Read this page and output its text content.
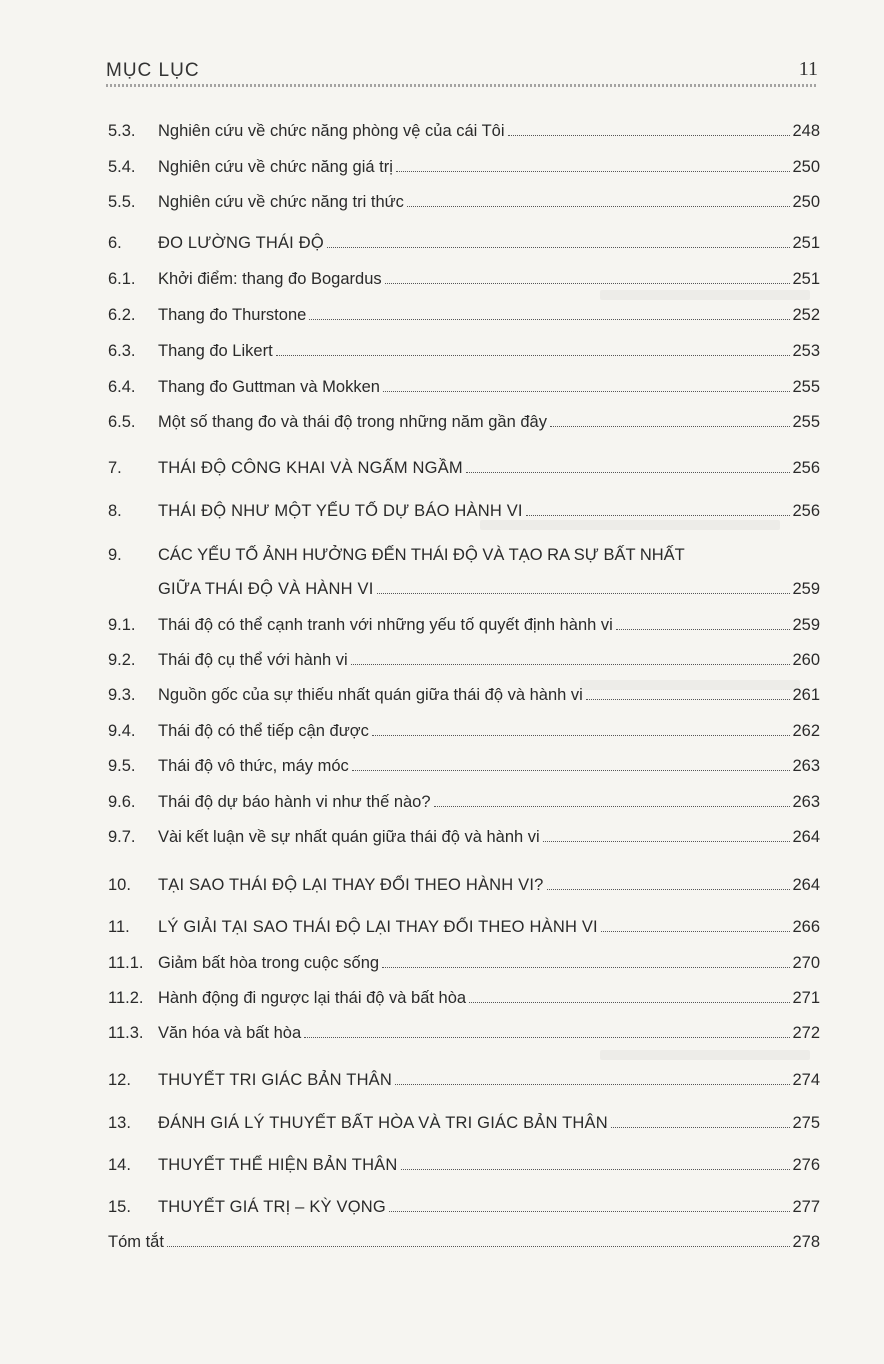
MỤC LỤC	11
5.3. Nghiên cứu về chức năng phòng vệ của cái Tôi	248
5.4. Nghiên cứu về chức năng giá trị	250
5.5. Nghiên cứu về chức năng tri thức	250
6. ĐO LƯỜNG THÁI ĐỘ	251
6.1. Khởi điểm: thang đo Bogardus	251
6.2. Thang đo Thurstone	252
6.3. Thang đo Likert	253
6.4. Thang đo Guttman và Mokken	255
6.5. Một số thang đo và thái độ trong những năm gần đây	255
7. THÁI ĐỘ CÔNG KHAI VÀ NGẤM NGẦM	256
8. THÁI ĐỘ NHƯ MỘT YẾU TỐ DỰ BÁO HÀNH VI	256
9. CÁC YẾU TỐ ẢNH HƯỞNG ĐẾN THÁI ĐỘ VÀ TẠO RA SỰ BẤT NHẤT
GIỮA THÁI ĐỘ VÀ HÀNH VI	259
9.1. Thái độ có thể cạnh tranh với những yếu tố quyết định hành vi	259
9.2. Thái độ cụ thể với hành vi	260
9.3. Nguồn gốc của sự thiếu nhất quán giữa thái độ và hành vi	261
9.4. Thái độ có thể tiếp cận được	262
9.5. Thái độ vô thức, máy móc	263
9.6. Thái độ dự báo hành vi như thế nào?	263
9.7. Vài kết luận về sự nhất quán giữa thái độ và hành vi	264
10. TẠI SAO THÁI ĐỘ LẠI THAY ĐỔI THEO HÀNH VI?	264
11. LÝ GIẢI TẠI SAO THÁI ĐỘ LẠI THAY ĐỔI THEO HÀNH VI	266
11.1. Giảm bất hòa trong cuộc sống	270
11.2. Hành động đi ngược lại thái độ và bất hòa	271
11.3. Văn hóa và bất hòa	272
12. THUYẾT TRI GIÁC BẢN THÂN	274
13. ĐÁNH GIÁ LÝ THUYẾT BẤT HÒA VÀ TRI GIÁC BẢN THÂN	275
14. THUYẾT THỂ HIỆN BẢN THÂN	276
15. THUYẾT GIÁ TRỊ – KỲ VỌNG	277
Tóm tắt	278
